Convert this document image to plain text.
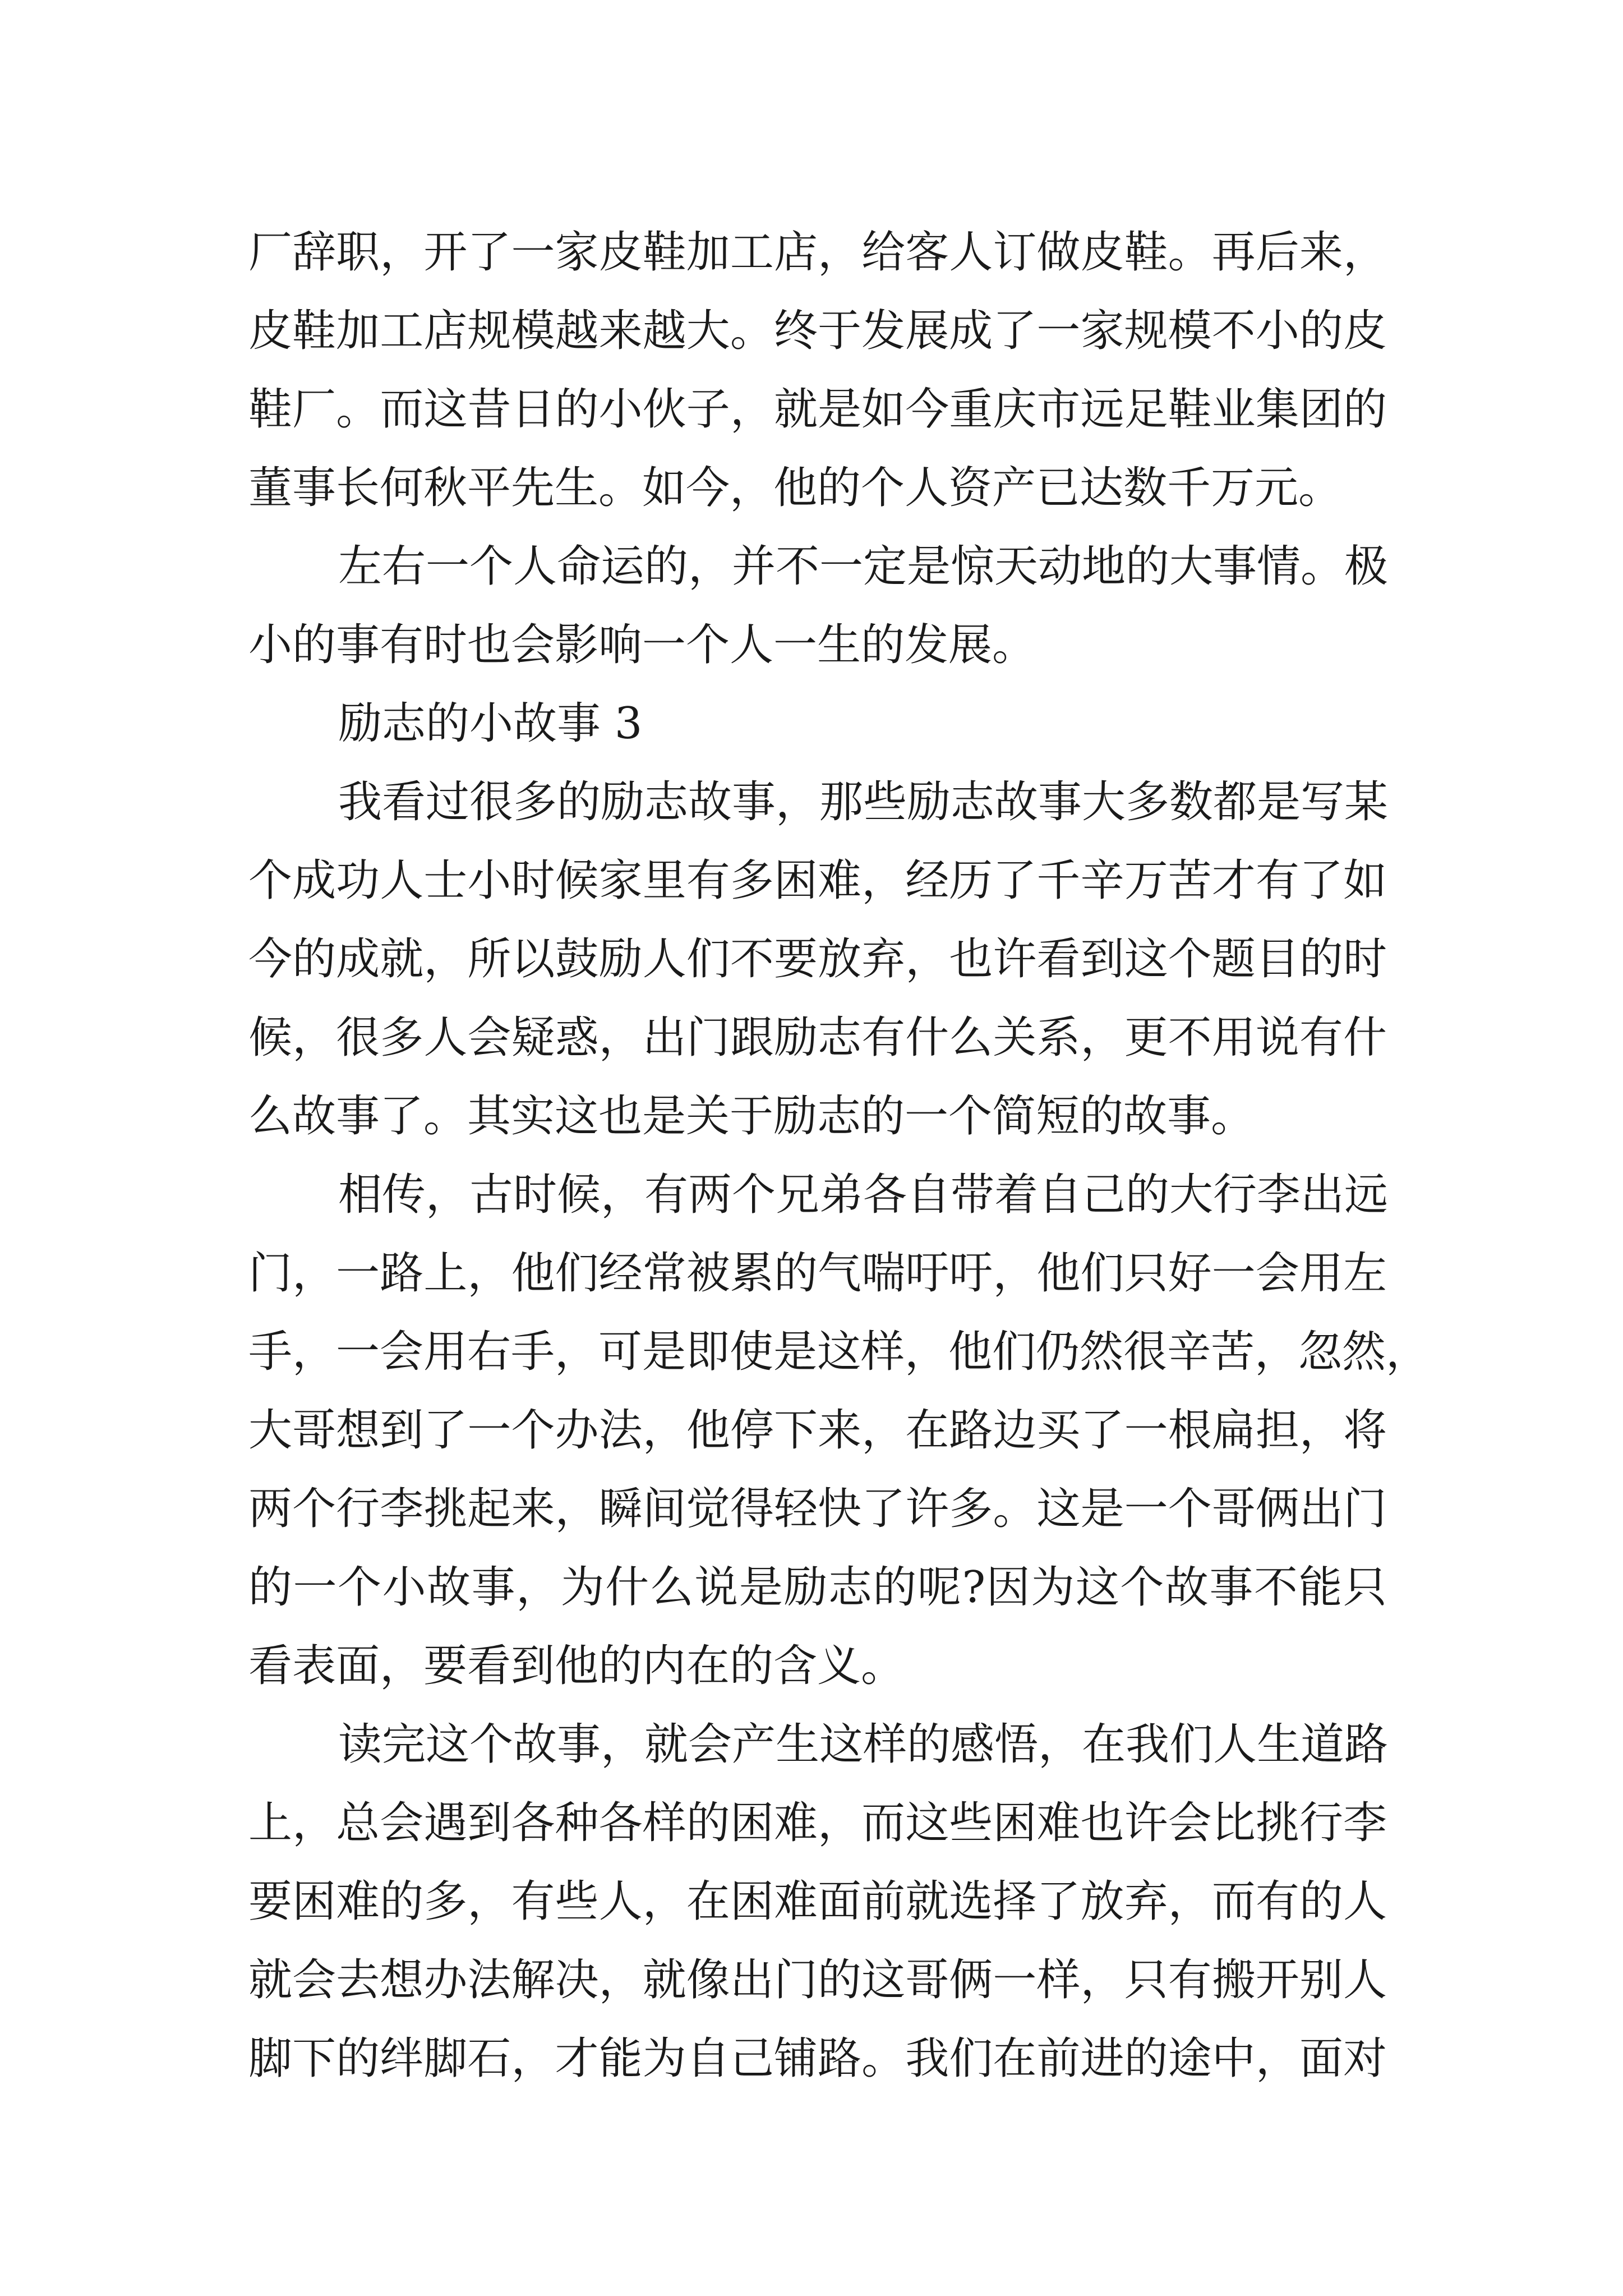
厂辞职，开了一家皮鞋加工店，给客人订做皮鞋。再后来，
皮鞋加工店规模越来越大。终于发展成了一家规模不小的皮
鞋厂。而这昔日的小伙子，就是如今重庆市远足鞋业集团的
董事长何秋平先生。如今，他的个人资产已达数千万元。
左右一个人命运的，并不一定是惊天动地的大事情。极
小的事有时也会影响一个人一生的发展。
励志的小故事 3
我看过很多的励志故事，那些励志故事大多数都是写某
个成功人士小时候家里有多困难，经历了千辛万苦才有了如
今的成就，所以鼓励人们不要放弃，也许看到这个题目的时
候，很多人会疑惑，出门跟励志有什么关系，更不用说有什
么故事了。其实这也是关于励志的一个简短的故事。
相传，古时候，有两个兄弟各自带着自己的大行李出远
门，一路上，他们经常被累的气喘吁吁，他们只好一会用左
手，一会用右手，可是即使是这样，他们仍然很辛苦，忽然，
大哥想到了一个办法，他停下来，在路边买了一根扁担，将
两个行李挑起来，瞬间觉得轻快了许多。这是一个哥俩出门
的一个小故事，为什么说是励志的呢?因为这个故事不能只
看表面，要看到他的内在的含义。
读完这个故事，就会产生这样的感悟，在我们人生道路
上，总会遇到各种各样的困难，而这些困难也许会比挑行李
要困难的多，有些人，在困难面前就选择了放弃，而有的人
就会去想办法解决，就像出门的这哥俩一样，只有搬开别人
脚下的绊脚石，才能为自己铺路。我们在前进的途中，面对
